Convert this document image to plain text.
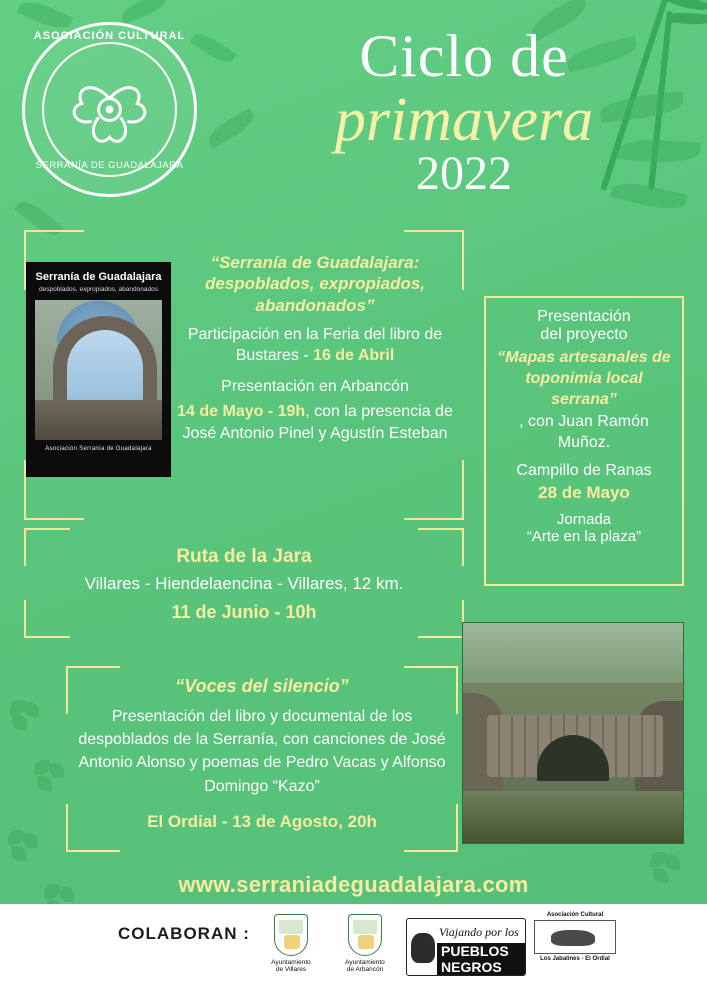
ASOCIACIÓN CULTURAL
SERRANÍA DE GUADALAJARA
Ciclo de
primavera
2022
Serranía de Guadalajara
despoblados, expropiados, abandonados
Asociación Serranía de Guadalajara
“Serranía de Guadalajara: despoblados, expropiados, abandonados”
Participación en la Feria del libro de Bustares - 16 de Abril
Presentación en Arbancón
14 de Mayo - 19h, con la presencia de José Antonio Pinel y Agustín Esteban
Presentación
del proyecto
“Mapas artesanales de toponimia local serrana”
, con Juan Ramón Muñoz.
Campillo de Ranas
28 de Mayo
Jornada
“Arte en la plaza”
Ruta de la Jara
Villares - Hiendelaencina - Villares, 12 km.
11 de Junio - 10h
“Voces del silencio”
Presentación del libro y documental de los despoblados de la Serranía, con canciones de José Antonio Alonso y poemas de Pedro Vacas y Alfonso Domingo “Kazo”
El Ordial - 13 de Agosto, 20h
www.serraniadeguadalajara.com
COLABORAN :
Ayuntamiento
de Villares
Ayuntamiento
de Arbancón
Viajando por los
PUEBLOS NEGROS
Asociación Cultural
Los Jabalines - El Ordial
